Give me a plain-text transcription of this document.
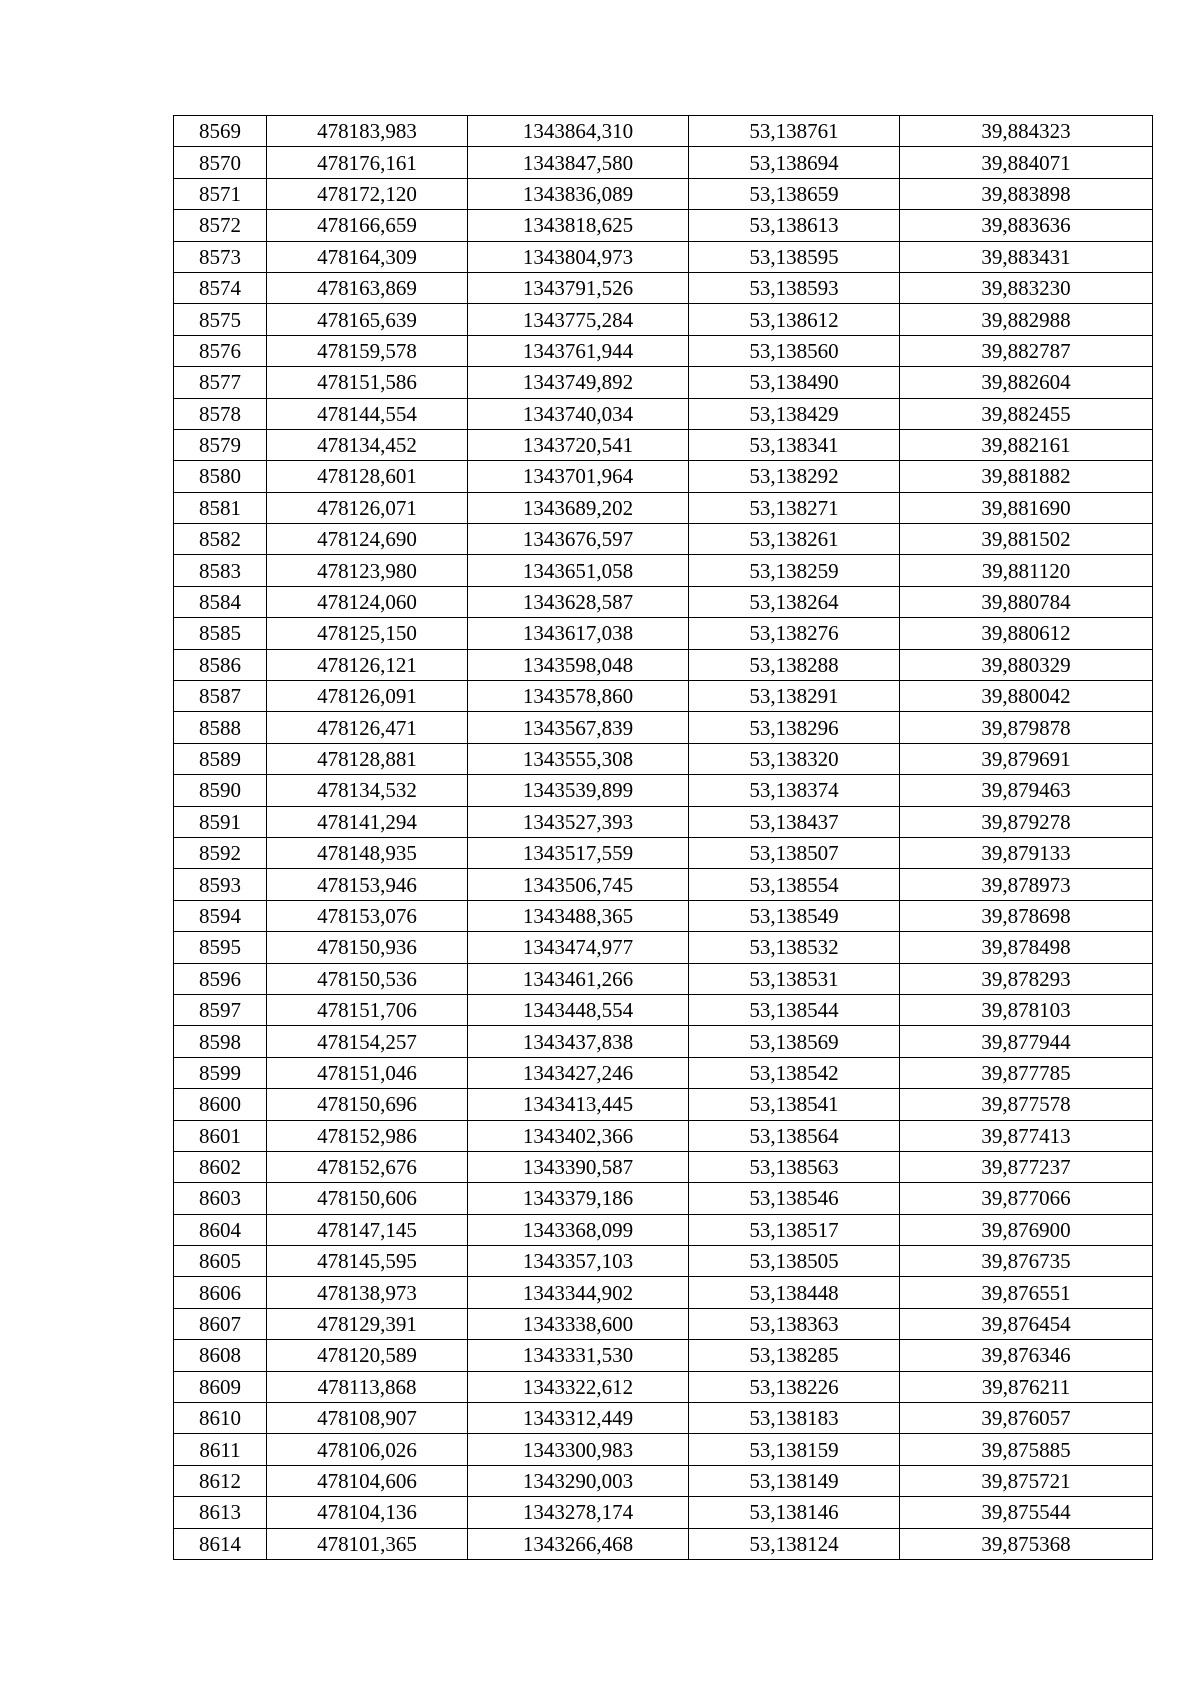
8569	478183,983	1343864,310	53,138761	39,884323
8570	478176,161	1343847,580	53,138694	39,884071
8571	478172,120	1343836,089	53,138659	39,883898
8572	478166,659	1343818,625	53,138613	39,883636
8573	478164,309	1343804,973	53,138595	39,883431
8574	478163,869	1343791,526	53,138593	39,883230
8575	478165,639	1343775,284	53,138612	39,882988
8576	478159,578	1343761,944	53,138560	39,882787
8577	478151,586	1343749,892	53,138490	39,882604
8578	478144,554	1343740,034	53,138429	39,882455
8579	478134,452	1343720,541	53,138341	39,882161
8580	478128,601	1343701,964	53,138292	39,881882
8581	478126,071	1343689,202	53,138271	39,881690
8582	478124,690	1343676,597	53,138261	39,881502
8583	478123,980	1343651,058	53,138259	39,881120
8584	478124,060	1343628,587	53,138264	39,880784
8585	478125,150	1343617,038	53,138276	39,880612
8586	478126,121	1343598,048	53,138288	39,880329
8587	478126,091	1343578,860	53,138291	39,880042
8588	478126,471	1343567,839	53,138296	39,879878
8589	478128,881	1343555,308	53,138320	39,879691
8590	478134,532	1343539,899	53,138374	39,879463
8591	478141,294	1343527,393	53,138437	39,879278
8592	478148,935	1343517,559	53,138507	39,879133
8593	478153,946	1343506,745	53,138554	39,878973
8594	478153,076	1343488,365	53,138549	39,878698
8595	478150,936	1343474,977	53,138532	39,878498
8596	478150,536	1343461,266	53,138531	39,878293
8597	478151,706	1343448,554	53,138544	39,878103
8598	478154,257	1343437,838	53,138569	39,877944
8599	478151,046	1343427,246	53,138542	39,877785
8600	478150,696	1343413,445	53,138541	39,877578
8601	478152,986	1343402,366	53,138564	39,877413
8602	478152,676	1343390,587	53,138563	39,877237
8603	478150,606	1343379,186	53,138546	39,877066
8604	478147,145	1343368,099	53,138517	39,876900
8605	478145,595	1343357,103	53,138505	39,876735
8606	478138,973	1343344,902	53,138448	39,876551
8607	478129,391	1343338,600	53,138363	39,876454
8608	478120,589	1343331,530	53,138285	39,876346
8609	478113,868	1343322,612	53,138226	39,876211
8610	478108,907	1343312,449	53,138183	39,876057
8611	478106,026	1343300,983	53,138159	39,875885
8612	478104,606	1343290,003	53,138149	39,875721
8613	478104,136	1343278,174	53,138146	39,875544
8614	478101,365	1343266,468	53,138124	39,875368
